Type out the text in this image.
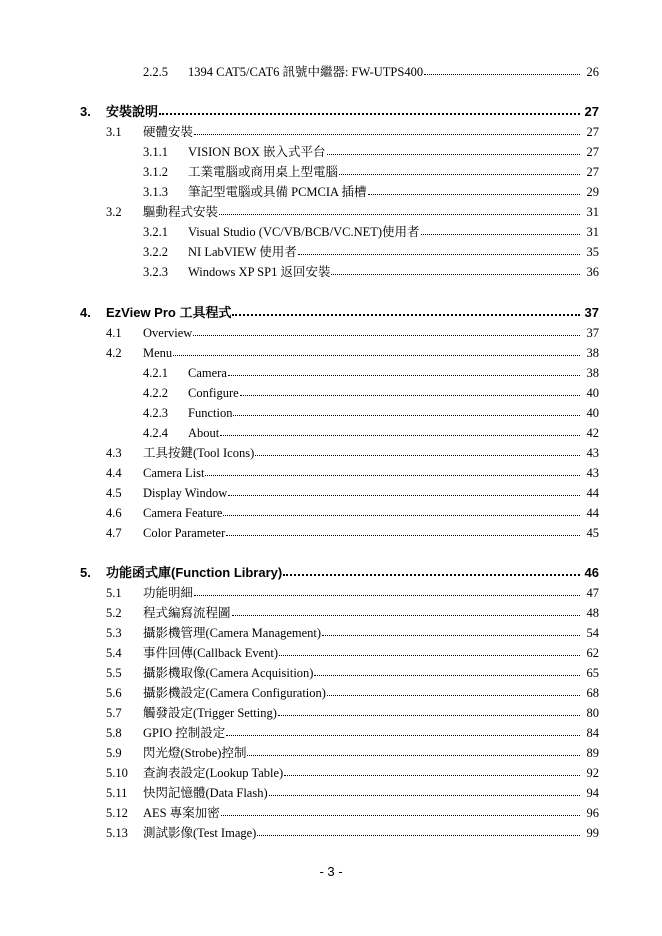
2.2.5 1394 CAT5/CAT6 訊號中繼器: FW-UTPS400	26
3. 安裝說明	27
3.1 硬體安裝	27
3.1.1 VISION BOX 嵌入式平台	27
3.1.2 工業電腦或商用桌上型電腦	27
3.1.3 筆記型電腦或具備 PCMCIA 插槽	29
3.2 驅動程式安裝	31
3.2.1 Visual Studio (VC/VB/BCB/VC.NET)使用者	31
3.2.2 NI LabVIEW 使用者	35
3.2.3 Windows XP SP1 返回安裝	36
4. EzView Pro 工具程式	37
4.1 Overview	37
4.2 Menu	38
4.2.1 Camera	38
4.2.2 Configure	40
4.2.3 Function	40
4.2.4 About	42
4.3 工具按鍵(Tool Icons)	43
4.4 Camera List	43
4.5 Display Window	44
4.6 Camera Feature	44
4.7 Color Parameter	45
5. 功能函式庫(Function Library)	46
5.1 功能明細	47
5.2 程式編寫流程圖	48
5.3 攝影機管理(Camera Management)	54
5.4 事件回傳(Callback Event)	62
5.5 攝影機取像(Camera Acquisition)	65
5.6 攝影機設定(Camera Configuration)	68
5.7 觸發設定(Trigger Setting)	80
5.8 GPIO 控制設定	84
5.9 閃光燈(Strobe)控制	89
5.10 查詢表設定(Lookup Table)	92
5.11 快閃記憶體(Data Flash)	94
5.12 AES 專案加密	96
5.13 測試影像(Test Image)	99
- 3 -
